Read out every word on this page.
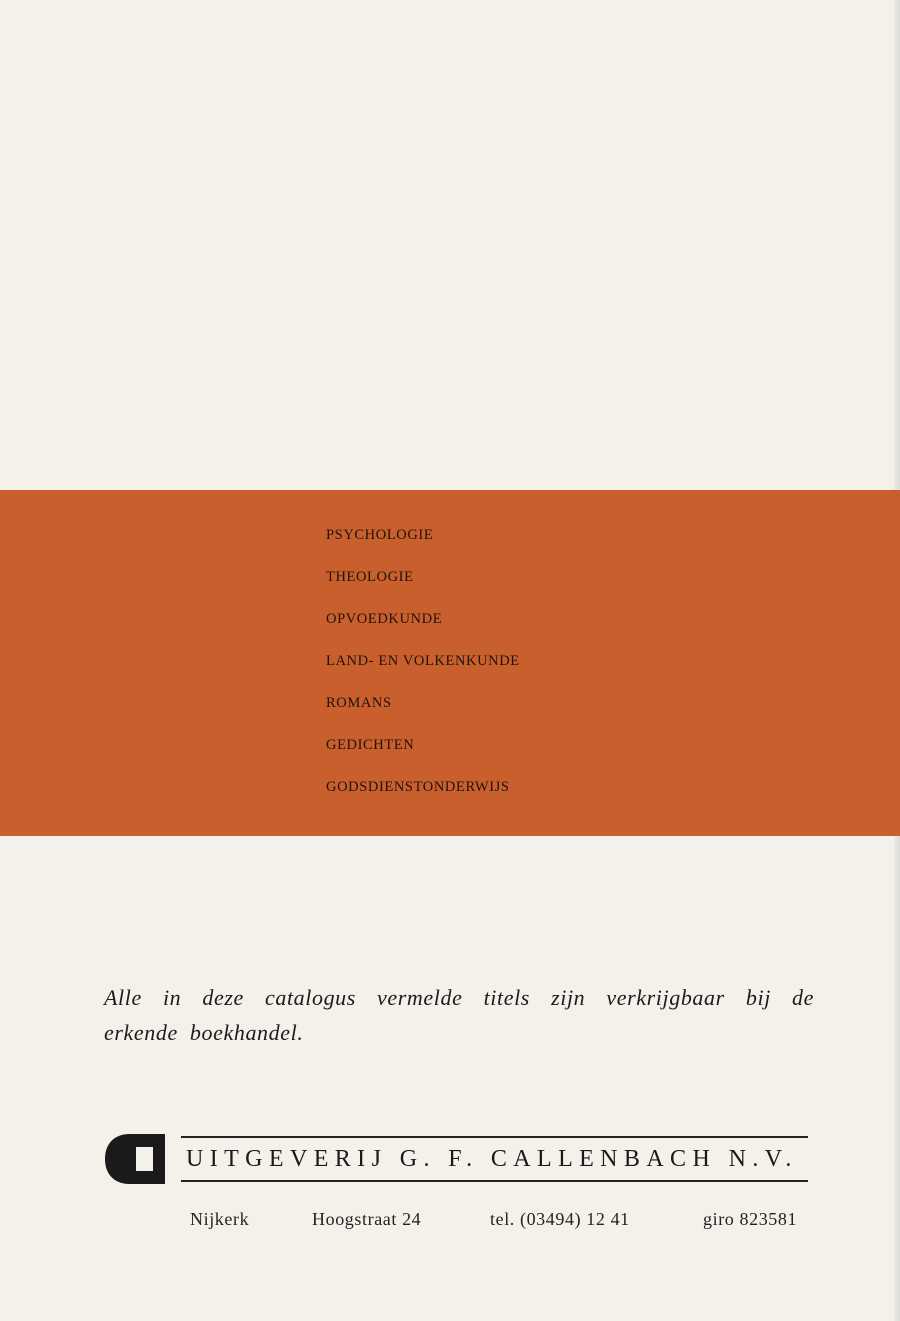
PSYCHOLOGIE
THEOLOGIE
OPVOEDKUNDE
LAND- EN VOLKENKUNDE
ROMANS
GEDICHTEN
GODSDIENSTONDERWIJS

Alle in deze catalogus vermelde titels zijn verkrijgbaar bij de erkende boekhandel.

UITGEVERIJ G. F. CALLENBACH N.V.
Nijkerk	Hoogstraat 24	tel. (03494) 12 41	giro 823581
